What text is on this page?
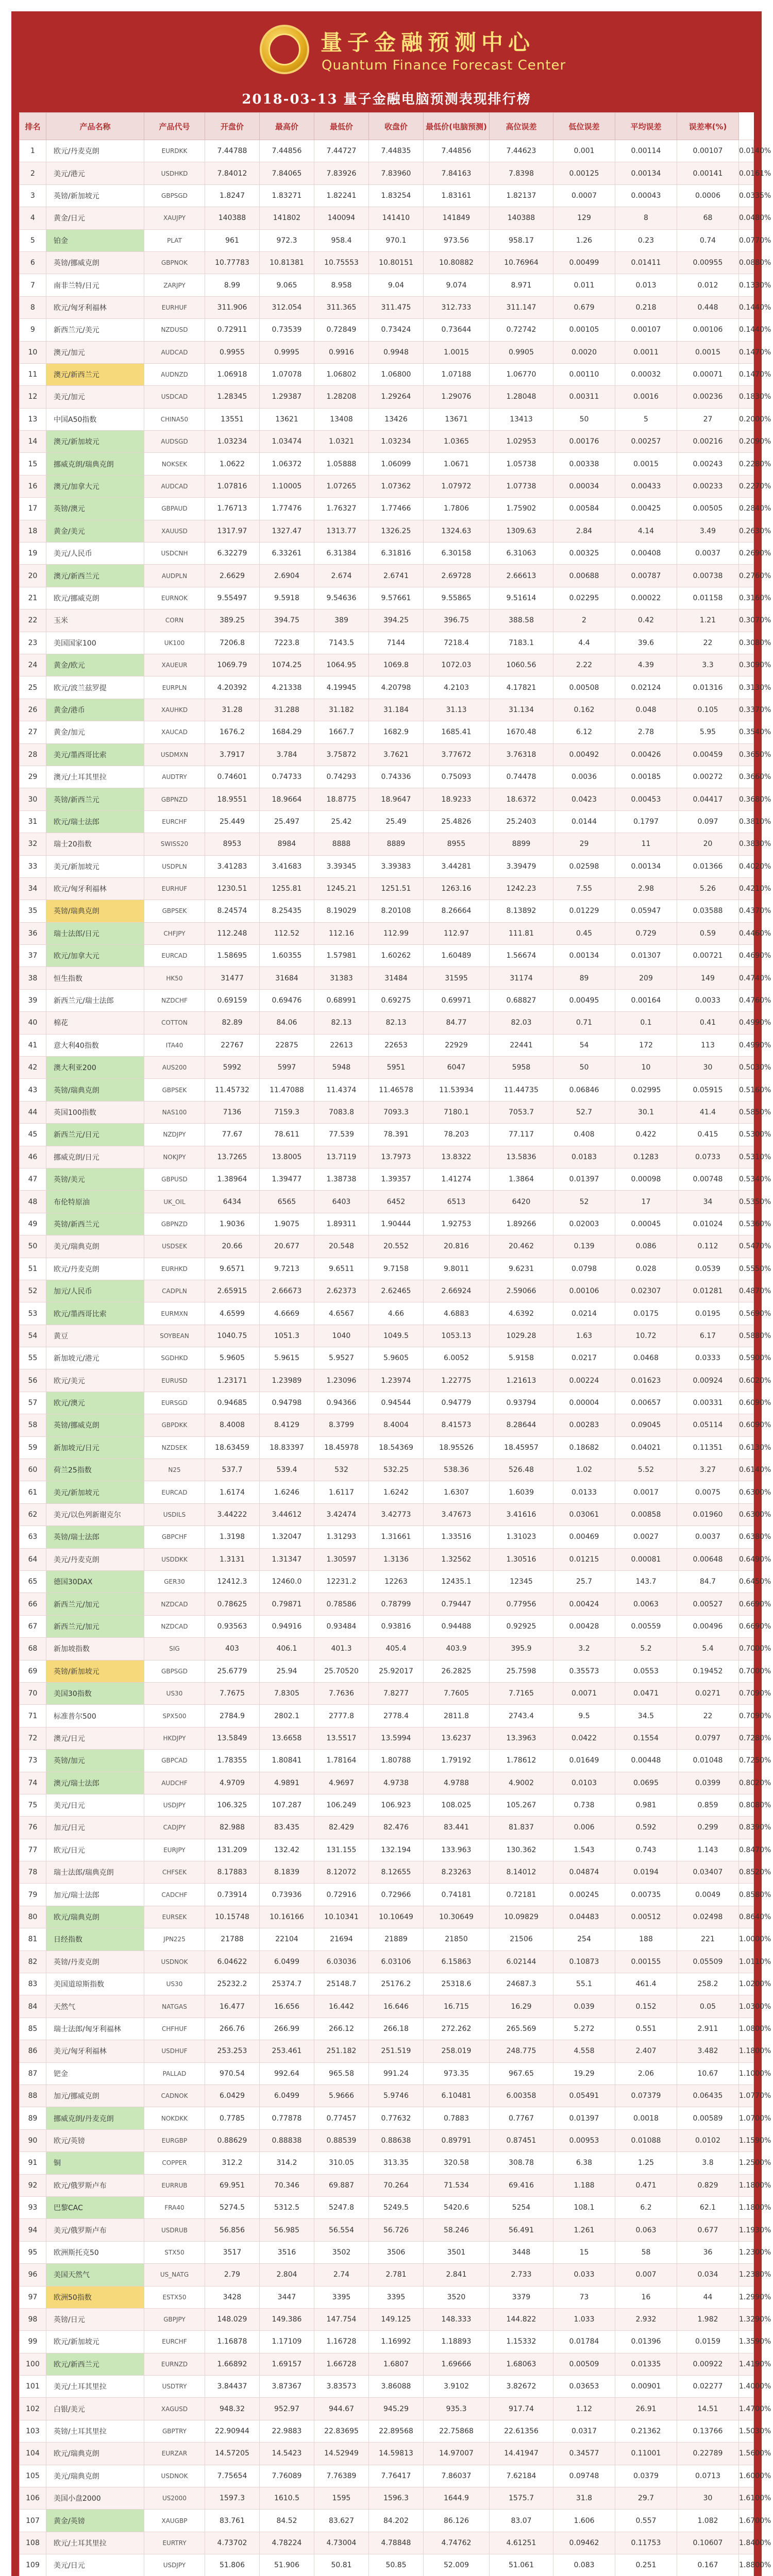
量子金融预测中心
Quantum Finance Forecast Center
2018-03-13 量子金融电脑预测表现排行榜
排名	产品名称	产品代号	开盘价	最高价	最低价	收盘价	最低价(电脑预测)	高位误差	低位误差	平均误差	误差率(%)	
1	欧元/丹麦克朗	EURDKK	7.44788	7.44856	7.44727	7.44835	7.44856	7.44623	0.001	0.00114	0.00107	0.0140%
2	美元/港元	USDHKD	7.84012	7.84065	7.83926	7.83960	7.84163	7.8398	0.00125	0.00134	0.00141	0.0161%
3	英镑/新加坡元	GBPSGD	1.8247	1.83271	1.82241	1.83254	1.83161	1.82137	0.0007	0.00043	0.0006	0.0335%
4	黄金/日元	XAUJPY	140388	141802	140094	141410	141849	140388	129	8	68	0.0480%
5	铂金	PLAT	961	972.3	958.4	970.1	973.56	958.17	1.26	0.23	0.74	0.0770%
6	英镑/挪威克朗	GBPNOK	10.77783	10.81381	10.75553	10.80151	10.80882	10.76964	0.00499	0.01411	0.00955	0.0880%
7	南非兰特/日元	ZARJPY	8.99	9.065	8.958	9.04	9.074	8.971	0.011	0.013	0.012	0.1330%
8	欧元/匈牙利福林	EURHUF	311.906	312.054	311.365	311.475	312.733	311.147	0.679	0.218	0.448	0.1440%
9	新西兰元/美元	NZDUSD	0.72911	0.73539	0.72849	0.73424	0.73644	0.72742	0.00105	0.00107	0.00106	0.1440%
10	澳元/加元	AUDCAD	0.9955	0.9995	0.9916	0.9948	1.0015	0.9905	0.0020	0.0011	0.0015	0.1470%
11	澳元/新西兰元	AUDNZD	1.06918	1.07078	1.06802	1.06800	1.07188	1.06770	0.00110	0.00032	0.00071	0.1470%
12	美元/加元	USDCAD	1.28345	1.29387	1.28208	1.29264	1.29076	1.28048	0.00311	0.0016	0.00236	0.1830%
13	中国A50指数	CHINA50	13551	13621	13408	13426	13671	13413	50	5	27	0.2000%
14	澳元/新加坡元	AUDSGD	1.03234	1.03474	1.0321	1.03234	1.0365	1.02953	0.00176	0.00257	0.00216	0.2090%
15	挪威克朗/瑞典克朗	NOKSEK	1.0622	1.06372	1.05888	1.06099	1.0671	1.05738	0.00338	0.0015	0.00243	0.2280%
16	澳元/加拿大元	AUDCAD	1.07816	1.10005	1.07265	1.07362	1.07972	1.07738	0.00034	0.00433	0.00233	0.2270%
17	英镑/澳元	GBPAUD	1.76713	1.77476	1.76327	1.77466	1.7806	1.75902	0.00584	0.00425	0.00505	0.2840%
18	黄金/美元	XAUUSD	1317.97	1327.47	1313.77	1326.25	1324.63	1309.63	2.84	4.14	3.49	0.2630%
19	美元/人民币	USDCNH	6.32279	6.33261	6.31384	6.31816	6.30158	6.31063	0.00325	0.00408	0.0037	0.2690%
20	澳元/新西兰元	AUDPLN	2.6629	2.6904	2.674	2.6741	2.69728	2.66613	0.00688	0.00787	0.00738	0.2760%
21	欧元/挪威克朗	EURNOK	9.55497	9.5918	9.54636	9.57661	9.55865	9.51614	0.02295	0.00022	0.01158	0.3160%
22	玉米	CORN	389.25	394.75	389	394.25	396.75	388.58	2	0.42	1.21	0.3070%
23	美国国家100	UK100	7206.8	7223.8	7143.5	7144	7218.4	7183.1	4.4	39.6	22	0.3080%
24	黄金/欧元	XAUEUR	1069.79	1074.25	1064.95	1069.8	1072.03	1060.56	2.22	4.39	3.3	0.3090%
25	欧元/波兰兹罗提	EURPLN	4.20392	4.21338	4.19945	4.20798	4.2103	4.17821	0.00508	0.02124	0.01316	0.3130%
26	黄金/港币	XAUHKD	31.28	31.288	31.182	31.184	31.13	31.134	0.162	0.048	0.105	0.3370%
27	黄金/加元	XAUCAD	1676.2	1684.29	1667.7	1682.9	1685.41	1670.48	6.12	2.78	5.95	0.3540%
28	美元/墨西哥比索	USDMXN	3.7917	3.784	3.75872	3.7621	3.77672	3.76318	0.00492	0.00426	0.00459	0.3650%
29	澳元/土耳其里拉	AUDTRY	0.74601	0.74733	0.74293	0.74336	0.75093	0.74478	0.0036	0.00185	0.00272	0.3660%
30	英镑/新西兰元	GBPNZD	18.9551	18.9664	18.8775	18.9647	18.9233	18.6372	0.0423	0.00453	0.04417	0.3680%
31	欧元/瑞士法郎	EURCHF	25.449	25.497	25.42	25.49	25.4826	25.2403	0.0144	0.1797	0.097	0.3810%
32	瑞士20指数	SWISS20	8953	8984	8888	8889	8955	8899	29	11	20	0.3830%
33	美元/新加坡元	USDPLN	3.41283	3.41683	3.39345	3.39383	3.44281	3.39479	0.02598	0.00134	0.01366	0.4020%
34	欧元/匈牙利福林	EURHUF	1230.51	1255.81	1245.21	1251.51	1263.16	1242.23	7.55	2.98	5.26	0.4210%
35	英镑/瑞典克朗	GBPSEK	8.24574	8.25435	8.19029	8.20108	8.26664	8.13892	0.01229	0.05947	0.03588	0.4370%
36	瑞士法郎/日元	CHFJPY	112.248	112.52	112.16	112.99	112.97	111.81	0.45	0.729	0.59	0.4460%
37	欧元/加拿大元	EURCAD	1.58695	1.60355	1.57981	1.60262	1.60489	1.56674	0.00134	0.01307	0.00721	0.4690%
38	恒生指数	HK50	31477	31684	31383	31484	31595	31174	89	209	149	0.4740%
39	新西兰元/瑞士法郎	NZDCHF	0.69159	0.69476	0.68991	0.69275	0.69971	0.68827	0.00495	0.00164	0.0033	0.4760%
40	棉花	COTTON	82.89	84.06	82.13	82.13	84.77	82.03	0.71	0.1	0.41	0.4990%
41	意大利40指数	ITA40	22767	22875	22613	22653	22929	22441	54	172	113	0.4990%
42	澳大利亚200	AUS200	5992	5997	5948	5951	6047	5958	50	10	30	0.5030%
43	英镑/瑞典克朗	GBPSEK	11.45732	11.47088	11.4374	11.46578	11.53934	11.44735	0.06846	0.02995	0.05915	0.5160%
44	英国100指数	NAS100	7136	7159.3	7083.8	7093.3	7180.1	7053.7	52.7	30.1	41.4	0.5850%
45	新西兰元/日元	NZDJPY	77.67	78.611	77.539	78.391	78.203	77.117	0.408	0.422	0.415	0.5300%
46	挪威克朗/日元	NOKJPY	13.7265	13.8005	13.7119	13.7973	13.8322	13.5836	0.0183	0.1283	0.0733	0.5310%
47	英镑/美元	GBPUSD	1.38964	1.39477	1.38738	1.39357	1.41274	1.3864	0.01397	0.00098	0.00748	0.5340%
48	布伦特原油	UK_OIL	6434	6565	6403	6452	6513	6420	52	17	34	0.5350%
49	英镑/新西兰元	GBPNZD	1.9036	1.9075	1.89311	1.90444	1.92753	1.89266	0.02003	0.00045	0.01024	0.5360%
50	美元/瑞典克朗	USDSEK	20.66	20.677	20.548	20.552	20.816	20.462	0.139	0.086	0.112	0.5470%
51	欧元/丹麦克朗	EURHKD	9.6571	9.7213	9.6511	9.7158	9.8011	9.6231	0.0798	0.028	0.0539	0.5550%
52	加元/人民币	CADPLN	2.65915	2.66673	2.62373	2.62465	2.66924	2.59066	0.00106	0.02307	0.01281	0.4870%
53	欧元/墨西哥比索	EURMXN	4.6599	4.6669	4.6567	4.66	4.6883	4.6392	0.0214	0.0175	0.0195	0.5690%
54	黄豆	SOYBEAN	1040.75	1051.3	1040	1049.5	1053.13	1029.28	1.63	10.72	6.17	0.5880%
55	新加坡元/港元	SGDHKD	5.9605	5.9615	5.9527	5.9605	6.0052	5.9158	0.0217	0.0468	0.0333	0.5900%
56	欧元/美元	EURUSD	1.23171	1.23989	1.23096	1.23974	1.22775	1.21613	0.00224	0.01623	0.00924	0.6020%
57	欧元/澳元	EURSGD	0.94685	0.94798	0.94366	0.94544	0.94779	0.93794	0.00004	0.00657	0.00331	0.6090%
58	英镑/挪威克朗	GBPDKK	8.4008	8.4129	8.3799	8.4004	8.41573	8.28644	0.00283	0.09045	0.05114	0.6090%
59	新加坡元/日元	NZDSEK	18.63459	18.83397	18.45978	18.54369	18.95526	18.45957	0.18682	0.04021	0.11351	0.6130%
60	荷兰25指数	N25	537.7	539.4	532	532.25	538.36	526.48	1.02	5.52	3.27	0.6140%
61	美元/新加坡元	EURCAD	1.6174	1.6246	1.6117	1.6242	1.6307	1.6039	0.0133	0.0017	0.0075	0.6300%
62	美元/以色列新谢克尔	USDILS	3.44222	3.44612	3.42474	3.42773	3.47673	3.41616	0.03061	0.00858	0.01960	0.6300%
63	英镑/瑞士法郎	GBPCHF	1.3198	1.32047	1.31293	1.31661	1.33516	1.31023	0.00469	0.0027	0.0037	0.6380%
64	美元/丹麦克朗	USDDKK	1.3131	1.31347	1.30597	1.3136	1.32562	1.30516	0.01215	0.00081	0.00648	0.6490%
65	德国30DAX	GER30	12412.3	12460.0	12231.2	12263	12435.1	12345	25.7	143.7	84.7	0.6450%
66	新西兰元/加元	NZDCAD	0.78625	0.79871	0.78586	0.78799	0.79447	0.77956	0.00424	0.0063	0.00527	0.6690%
67	新西兰元/加元	NZDCAD	0.93563	0.94916	0.93484	0.93816	0.94488	0.92925	0.00428	0.00559	0.00496	0.6690%
68	新加坡指数	SIG	403	406.1	401.3	405.4	403.9	395.9	3.2	5.2	5.4	0.7000%
69	英镑/新加坡元	GBPSGD	25.6779	25.94	25.70520	25.92017	26.2825	25.7598	0.35573	0.0553	0.19452	0.7000%
70	美国30指数	US30	7.7675	7.8305	7.7636	7.8277	7.7605	7.7165	0.0071	0.0471	0.0271	0.7090%
71	标准普尔500	SPX500	2784.9	2802.1	2777.8	2778.4	2811.8	2743.4	9.5	34.5	22	0.7090%
72	澳元/日元	HKDJPY	13.5849	13.6658	13.5517	13.5994	13.6237	13.3963	0.0422	0.1554	0.0797	0.7280%
73	英镑/加元	GBPCAD	1.78355	1.80841	1.78164	1.80788	1.79192	1.78612	0.01649	0.00448	0.01048	0.7250%
74	澳元/瑞士法郎	AUDCHF	4.9709	4.9891	4.9697	4.9738	4.9788	4.9002	0.0103	0.0695	0.0399	0.8020%
75	美元/日元	USDJPY	106.325	107.287	106.249	106.923	108.025	105.267	0.738	0.981	0.859	0.8080%
76	加元/日元	CADJPY	82.988	83.435	82.429	82.476	83.441	81.837	0.006	0.592	0.299	0.8390%
77	欧元/日元	EURJPY	131.209	132.42	131.155	132.194	133.963	130.362	1.543	0.743	1.143	0.8470%
78	瑞士法郎/瑞典克朗	CHFSEK	8.17883	8.1839	8.12072	8.12655	8.23263	8.14012	0.04874	0.0194	0.03407	0.8520%
79	加元/瑞士法郎	CADCHF	0.73914	0.73936	0.72916	0.72966	0.74181	0.72181	0.00245	0.00735	0.0049	0.8580%
80	欧元/瑞典克朗	EURSEK	10.15748	10.16166	10.10341	10.10649	10.30649	10.09829	0.04483	0.00512	0.02498	0.8640%
81	日经指数	JPN225	21788	22104	21694	21889	21850	21506	254	188	221	1.0000%
82	英镑/丹麦克朗	USDNOK	6.04622	6.0499	6.03036	6.03106	6.15863	6.02144	0.10873	0.00155	0.05509	1.0110%
83	美国道琼斯指数	US30	25232.2	25374.7	25148.7	25176.2	25318.6	24687.3	55.1	461.4	258.2	1.0200%
84	天然气	NATGAS	16.477	16.656	16.442	16.646	16.715	16.29	0.039	0.152	0.05	1.0300%
85	瑞士法郎/匈牙利福林	CHFHUF	266.76	266.99	266.12	266.18	272.262	265.569	5.272	0.551	2.911	1.0800%
86	美元/匈牙利福林	USDHUF	253.253	253.461	251.182	251.519	258.019	248.775	4.558	2.407	3.482	1.1800%
87	钯金	PALLAD	970.54	992.64	965.58	991.24	973.35	967.65	19.29	2.06	10.67	1.1000%
88	加元/挪威克朗	CADNOK	6.0429	6.0499	5.9666	5.9746	6.10481	6.00358	0.05491	0.07379	0.06435	1.0770%
89	挪威克朗/丹麦克朗	NOKDKK	0.7785	0.77878	0.77457	0.77632	0.7883	0.7767	0.01397	0.0018	0.00589	1.0700%
90	欧元/英镑	EURGBP	0.88629	0.88838	0.88539	0.88638	0.89791	0.87451	0.00953	0.01088	0.0102	1.1590%
91	铜	COPPER	312.2	314.2	310.05	313.35	320.58	308.78	6.38	1.25	3.8	1.2500%
92	欧元/俄罗斯卢布	EURRUB	69.951	70.346	69.887	70.264	71.534	69.416	1.188	0.471	0.829	1.1800%
93	巴黎CAC	FRA40	5274.5	5312.5	5247.8	5249.5	5420.6	5254	108.1	6.2	62.1	1.1800%
94	美元/俄罗斯卢布	USDRUB	56.856	56.985	56.554	56.726	58.246	56.491	1.261	0.063	0.677	1.1930%
95	欧洲斯托克50	STX50	3517	3516	3502	3506	3501	3448	15	58	36	1.2300%
96	美国天然气	US_NATG	2.79	2.804	2.74	2.781	2.841	2.733	0.033	0.007	0.034	1.2380%
97	欧洲50指数	ESTX50	3428	3447	3395	3395	3520	3379	73	16	44	1.2990%
98	英镑/日元	GBPJPY	148.029	149.386	147.754	149.125	148.333	144.822	1.033	2.932	1.982	1.3290%
99	欧元/新加坡元	EURCHF	1.16878	1.17109	1.16728	1.16992	1.18893	1.15332	0.01784	0.01396	0.0159	1.3590%
100	欧元/新西兰元	EURNZD	1.66892	1.69157	1.66728	1.6807	1.69666	1.68063	0.00509	0.01335	0.00922	1.4190%
101	美元/土耳其里拉	USDTRY	3.84437	3.87367	3.83573	3.86088	3.9102	3.82672	0.03653	0.00901	0.02277	1.4000%
102	白银/美元	XAGUSD	948.32	952.97	944.67	945.29	935.3	917.74	1.12	26.91	14.51	1.4700%
103	英镑/土耳其里拉	GBPTRY	22.90944	22.9883	22.83695	22.89568	22.75868	22.61356	0.0317	0.21362	0.13766	1.5030%
104	欧元/瑞典克朗	EURZAR	14.57205	14.5423	14.52949	14.59813	14.97007	14.41947	0.34577	0.11001	0.22789	1.5600%
105	美元/瑞典克朗	USDNOK	7.75654	7.76089	7.76389	7.76417	7.86037	7.62184	0.09748	0.0379	0.0713	1.6000%
106	美国小盘2000	US2000	1597.3	1610.5	1595	1596.3	1644.9	1575.7	31.8	29.7	30	1.6100%
107	黄金/英镑	XAUGBP	83.761	84.52	83.627	84.202	86.126	83.07	1.606	0.557	1.082	1.6700%
108	欧元/土耳其里拉	EURTRY	4.73702	4.78224	4.73004	4.78848	4.74762	4.61251	0.09462	0.11753	0.10607	1.8400%
109	美元/日元	USDJPY	51.806	51.906	50.81	50.85	52.009	51.061	0.083	0.251	0.167	1.8800%
